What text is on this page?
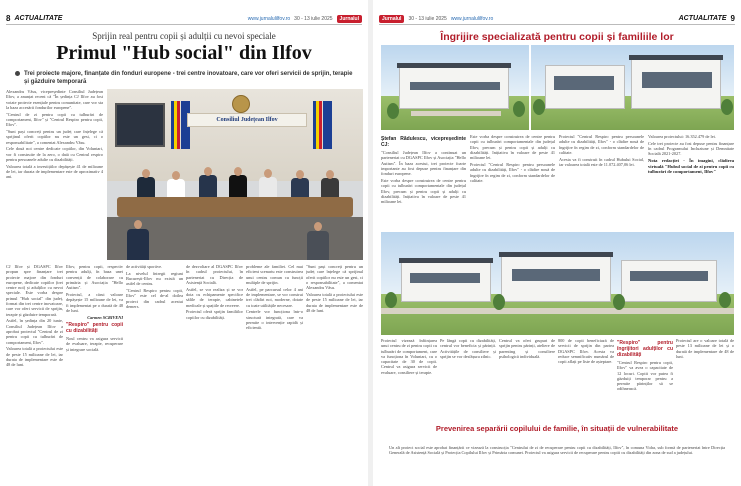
8 ACTUALITATE	www.jurnalulilfov.ro 30 - 13 iulie 2025	Jurnalul
Sprijin real pentru copii și adulții cu nevoi speciale
Primul "Hub social" din Ilfov
Trei proiecte majore, finanțate din fonduri europene - trei centre inovatoare, care vor oferi servicii de sprijin, terapie și găzduire temporară

Alexandru Vâsu, vicepreședinte Consiliul Județean Ilfov, a anunțat recent că "În ședința CJ Ilfov au fost votate proiecte esențiale pentru comunitate, care vor sta la baza accesării fondurilor europene".

"Centrul de zi pentru copii cu tulburări de comportament, Ilfov" și "Centrul Respiro pentru copii, Ilfov".

"Sunt pași concreți pentru un județ care înțelege că sprijinul oferit copiilor nu este un gest, ci o responsabilitate", a comentat Alexandru Vâsu.

Cele două noi centre dedicate copiilor, din Voluntari, vor fi construite de la zero, o dată cu Centrul respiro pentru persoanele adulte cu dizabilități.

Valoarea totală a investițiilor depășește 41 de milioane de lei, iar durata de implementare este de aproximativ 4 ani.

Consiliul Județean Ilfov

CJ Ilfov și DGASPC Ilfov propun spre finanțare trei proiecte majore din fonduri europene, dedicate copiilor (trei centre noi) și adulților cu nevoi speciale. Este vorba despre primul "Hub social" din județ, format din trei centre inovatoare, care vor oferi servicii de sprijin, terapie și găzduire temporară.

Astfel, în ședința din 20 iunie, Consiliul Județean Ilfov a aprobat proiectul "Centrul de zi pentru copii cu tulburări de comportament, Ilfov".

Valoarea totală a proiectului este de peste 15 milioane de lei, iar durata de implementare este de 48 de luni.

Ilfov, pentru copii, respectiv pentru adulți, în baza unei convenții de colaborare cu primăria și Asociația "Hello Autism".

Proiectul, a cărui valoare depășește 15 milioane de lei, va fi implementat pe o durată de 48 de luni.

Carmen SCRIVENI
"Respiro" pentru copii cu dizabilități

Noul centru va asigura servicii de evaluare, terapie, recuperare și integrare socială.

de activități sportive.

La nivelul întregii regiuni București-Ilfov nu există un astfel de centru.

"Centrul Respiro pentru copii, Ilfov" este cel de-al doilea proiect din cadrul acestui demers.

de dezvoltare al DGASPC Ilfov în cadrul proiectului, în parteneriat cu Direcția de Asistență Socială.

Astfel, se vor realiza și se vor dota cu echipamente specifice sălile de terapie, cabinetele medicale și spațiile de recreere.

Proiectul oferă sprijin familiilor copiilor cu dizabilități.

probleme ale familiei. Cel mai eficient scenariu este construirea unui centru comun cu funcții multiple de sprijin.

Astfel, pe parcursul celor 4 ani de implementare, se vor construi trei clădiri noi, moderne, dotate cu toate utilitățile necesare.

Centrele vor funcționa într-o structură integrată, care va permite o intervenție rapidă și eficientă.

"Sunt pași concreți pentru un județ care înțelege că sprijinul oferit copiilor nu este un gest, ci o responsabilitate", a comentat Alexandru Vâsu.

Valoarea totală a proiectului este de peste 15 milioane de lei, iar durata de implementare este de 48 de luni.

Jurnalul	30 - 13 iulie 2025 www.jurnalulilfov.ro	ACTUALITATE 9
Îngrijire specializată pentru copii și familiile lor
Ștefan Rădulescu, vicepreședinte CJ:

"Consiliul Județean Ilfov a continuat un parteneriat cu DGASPC Ilfov și Asociația "Hello Autism". În baza acestui, trei proiecte foarte importante au fost depuse pentru finanțare din fonduri europene.

Este vorba despre construirea de centre pentru copii cu tulburări comportamentale din județul Ilfov, precum și pentru copii și adulți cu dizabilități. Inițiativa în valoare de peste 41 milioane lei.

Este vorba despre construirea de centre pentru copii cu tulburări comportamentale din județul Ilfov, precum și pentru copii și adulți cu dizabilități. Inițiativa în valoare de peste 41 milioane lei.

Proiectul "Centrul Respiro pentru persoanele adulte cu dizabilități, Ilfov" - o clădire nouă de îngrijire în regim de zi, conform standardelor de calitate.

Proiectul "Centrul Respiro pentru persoanele adulte cu dizabilități, Ilfov" - o clădire nouă de îngrijire în regim de zi, conform standardelor de calitate.

Acesta va fi construit în cadrul Hubului Social, iar valoarea totală este de 11.072.407,06 lei.

Valoarea proiectului: 16.352.479 de lei.

Cele trei proiecte au fost depuse pentru finanțare în cadrul Programului Incluziune și Demnitate Socială 2021-2027.

Nota redacției - În imagini, clădirea virtuală "Hubul social de zi pentru copii cu tulburări de comportament, Ilfov"

Proiectul vizează înființarea unui centru de zi pentru copii cu tulburări de comportament, care va funcționa în Voluntari, cu o capacitate de 30 de copii. Centrul va asigura servicii de evaluare, consiliere și terapie.

Pe lângă copii cu dizabilități, centrul vor beneficia și părinții. Activitățile de consiliere și sprijin se vor desfășura zilnic.

Centrul va oferi grupuri de sprijin pentru părinți, ateliere de parenting și consiliere psihologică individuală.

800 de copii beneficiază de servicii de sprijin din partea DGASPC Ilfov. Acesta va reduce semnificativ numărul de copii aflați pe liste de așteptare.

"Respiro" pentru îngrijitori adulților cu dizabilități

"Centrul Respiro pentru copii, Ilfov" va avea o capacitate de 12 locuri. Copiii vor putea fi găzduiți temporar pentru a permite părinților să se odihnească.

Proiectul are o valoare totală de peste 13 milioane de lei și o durată de implementare de 48 de luni.

Prevenirea separării copilului de familie, în situații de vulnerabilitate
Un alt proiect social este aprobat finanțării ce vizează la construcția "Centrului de zi de recuperare pentru copii cu dizabilități, Ilfov", în comuna Vidra, sub formă de parteneriat între Direcția Generală de Asistență Socială și Protecția Copilului Ilfov și Primăria comunei. Proiectul va asigura servicii de recuperare pentru copiii cu dizabilități din zona de sud a județului.
